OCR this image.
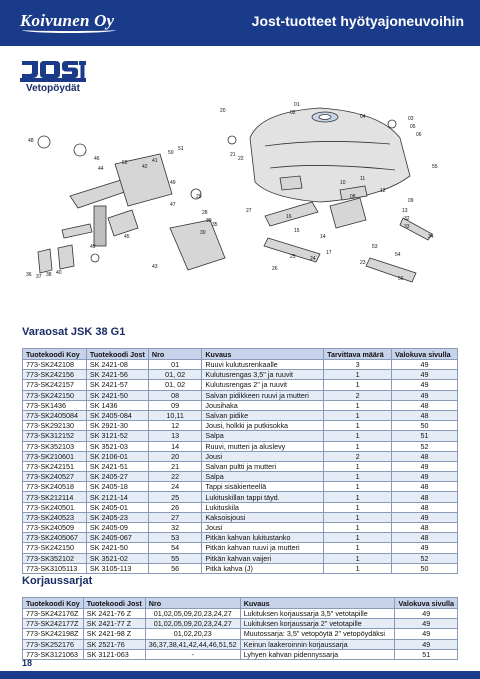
Koivunen Oy	Jost-tuotteet hyötyajoneuvoihin
Vetopöydät
01
02
04	03
06
05
55
08
10
11
12
13
32
09
33
34
54
53
56
14
15
16
17
25
26
24
23
20
21
22
27
29
28
30
30
48
46
44
52
42
41
50
51
47
45
49
36 37 38 40
43
35
49
Varaosat JSK 38 G1
Tuotekoodi Koy	Tuotekoodi Jost	Nro	Kuvaus	Tarvittava määrä	Valokuva sivulla
773-SK242108	SK 2421-08	01	Ruuvi kulutusrenkaalle	3	49
773-SK242156	SK 2421-56	01, 02	Kulutusrengas 3,5" ja ruuvit	1	49
773-SK242157	SK 2421-57	01, 02	Kulutusrengas 2" ja ruuvit	1	49
773-SK242150	SK 2421-50	08	Salvan pidikkeen ruuvi ja mutteri	2	49
773-SK1436	SK 1436	09	Jousihaka	1	48
773-SK2405084	SK 2405-084	10,11	Salvan pidike	1	48
773-SK292130	SK 2921-30	12	Jousi, holkki ja putkisokka	1	50
773-SK312152	SK 3121-52	13	Salpa	1	51
773-SK352103	SK 3521-03	14	Ruuvi, mutteri ja aluslevy	1	52
773-SK210601	SK 2106-01	20	Jousi	2	48
773-SK242151	SK 2421-51	21	Salvan pultti ja mutteri	1	49
773-SK240527	SK 2405-27	22	Salpa	1	49
773-SK240518	SK 2405-18	24	Tappi sisäkierteellä	1	48
773-SK212114	SK 2121-14	25	Lukituskillan tappi täyd.	1	48
773-SK240501	SK 2405-01	26	Lukituskila	1	48
773-SK240523	SK 2405-23	27	Kaksoisjousi	1	49
773-SK240509	SK 2405-09	32	Jousi	1	48
773-SK2405067	SK 2405-067	53	Pitkän kahvan lukitustanko	1	48
773-SK242150	SK 2421-50	54	Pitkän kahvan ruuvi ja mutteri	1	49
773-SK352102	SK 3521-02	55	Pitkän kahvan vaijeri	1	52
773-SK3105113	SK 3105-113	56	Pitkä kahva (J)	1	50
Korjaussarjat
Tuotekoodi Koy	Tuotekoodi Jost	Nro	Kuvaus	Valokuva sivulla
773-SK242176Z	SK 2421-76 Z	01,02,05,09,20,23,24,27	Lukituksen korjaussarja 3,5" vetotapille	49
773-SK242177Z	SK 2421-77 Z	01,02,05,09,20,23,24,27	Lukituksen korjaussarja 2" vetotapille	49
773-SK242198Z	SK 2421-98 Z	01,02,20,23	Muutossarja: 3,5" vetopöytä 2" vetopöydäksi	49
773-SK252176	SK 2521-76	36,37,38,41,42,44,46,51,52	Keinun laakeroinnin korjaussarja	49
773-SK3121063	SK 3121-063	-	Lyhyen kahvan pidennyssarja	51
18
